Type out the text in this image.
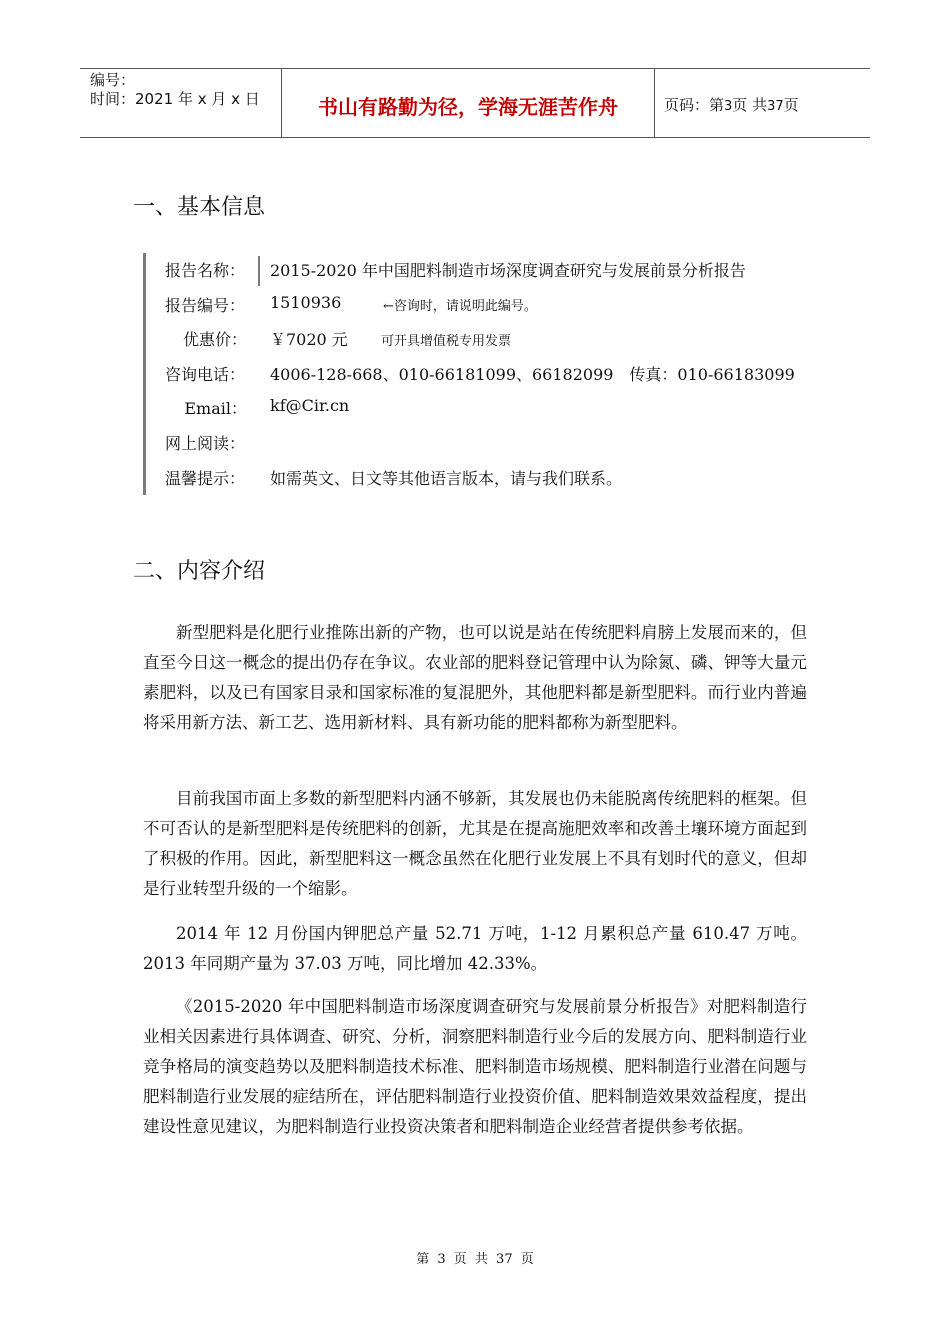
编号：
时间：2021 年 x 月 x 日	书山有路勤为径，学海无涯苦作舟	页码：第3页 共37页
一、基本信息
报告名称： 2015-2020 年中国肥料制造市场深度调查研究与发展前景分析报告
报告编号： 1510936	←咨询时，请说明此编号。
优惠价： ￥7020 元	可开具增值税专用发票
咨询电话： 4006-128-668、010-66181099、66182099　传真：010-66183099
Email： kf@Cir.cn
网上阅读：
温馨提示： 如需英文、日文等其他语言版本，请与我们联系。
二、内容介绍
新型肥料是化肥行业推陈出新的产物，也可以说是站在传统肥料肩膀上发展而来的，但直至今日这一概念的提出仍存在争议。农业部的肥料登记管理中认为除氮、磷、钾等大量元素肥料，以及已有国家目录和国家标准的复混肥外，其他肥料都是新型肥料。而行业内普遍将采用新方法、新工艺、选用新材料、具有新功能的肥料都称为新型肥料。
目前我国市面上多数的新型肥料内涵不够新，其发展也仍未能脱离传统肥料的框架。但不可否认的是新型肥料是传统肥料的创新，尤其是在提高施肥效率和改善土壤环境方面起到了积极的作用。因此，新型肥料这一概念虽然在化肥行业发展上不具有划时代的意义，但却是行业转型升级的一个缩影。
2014 年 12 月份国内钾肥总产量 52.71 万吨，1-12 月累积总产量 610.47 万吨。2013 年同期产量为 37.03 万吨，同比增加 42.33%。
《2015-2020 年中国肥料制造市场深度调查研究与发展前景分析报告》对肥料制造行业相关因素进行具体调查、研究、分析，洞察肥料制造行业今后的发展方向、肥料制造行业竞争格局的演变趋势以及肥料制造技术标准、肥料制造市场规模、肥料制造行业潜在问题与肥料制造行业发展的症结所在，评估肥料制造行业投资价值、肥料制造效果效益程度，提出建设性意见建议，为肥料制造行业投资决策者和肥料制造企业经营者提供参考依据。
第 3 页 共 37 页
